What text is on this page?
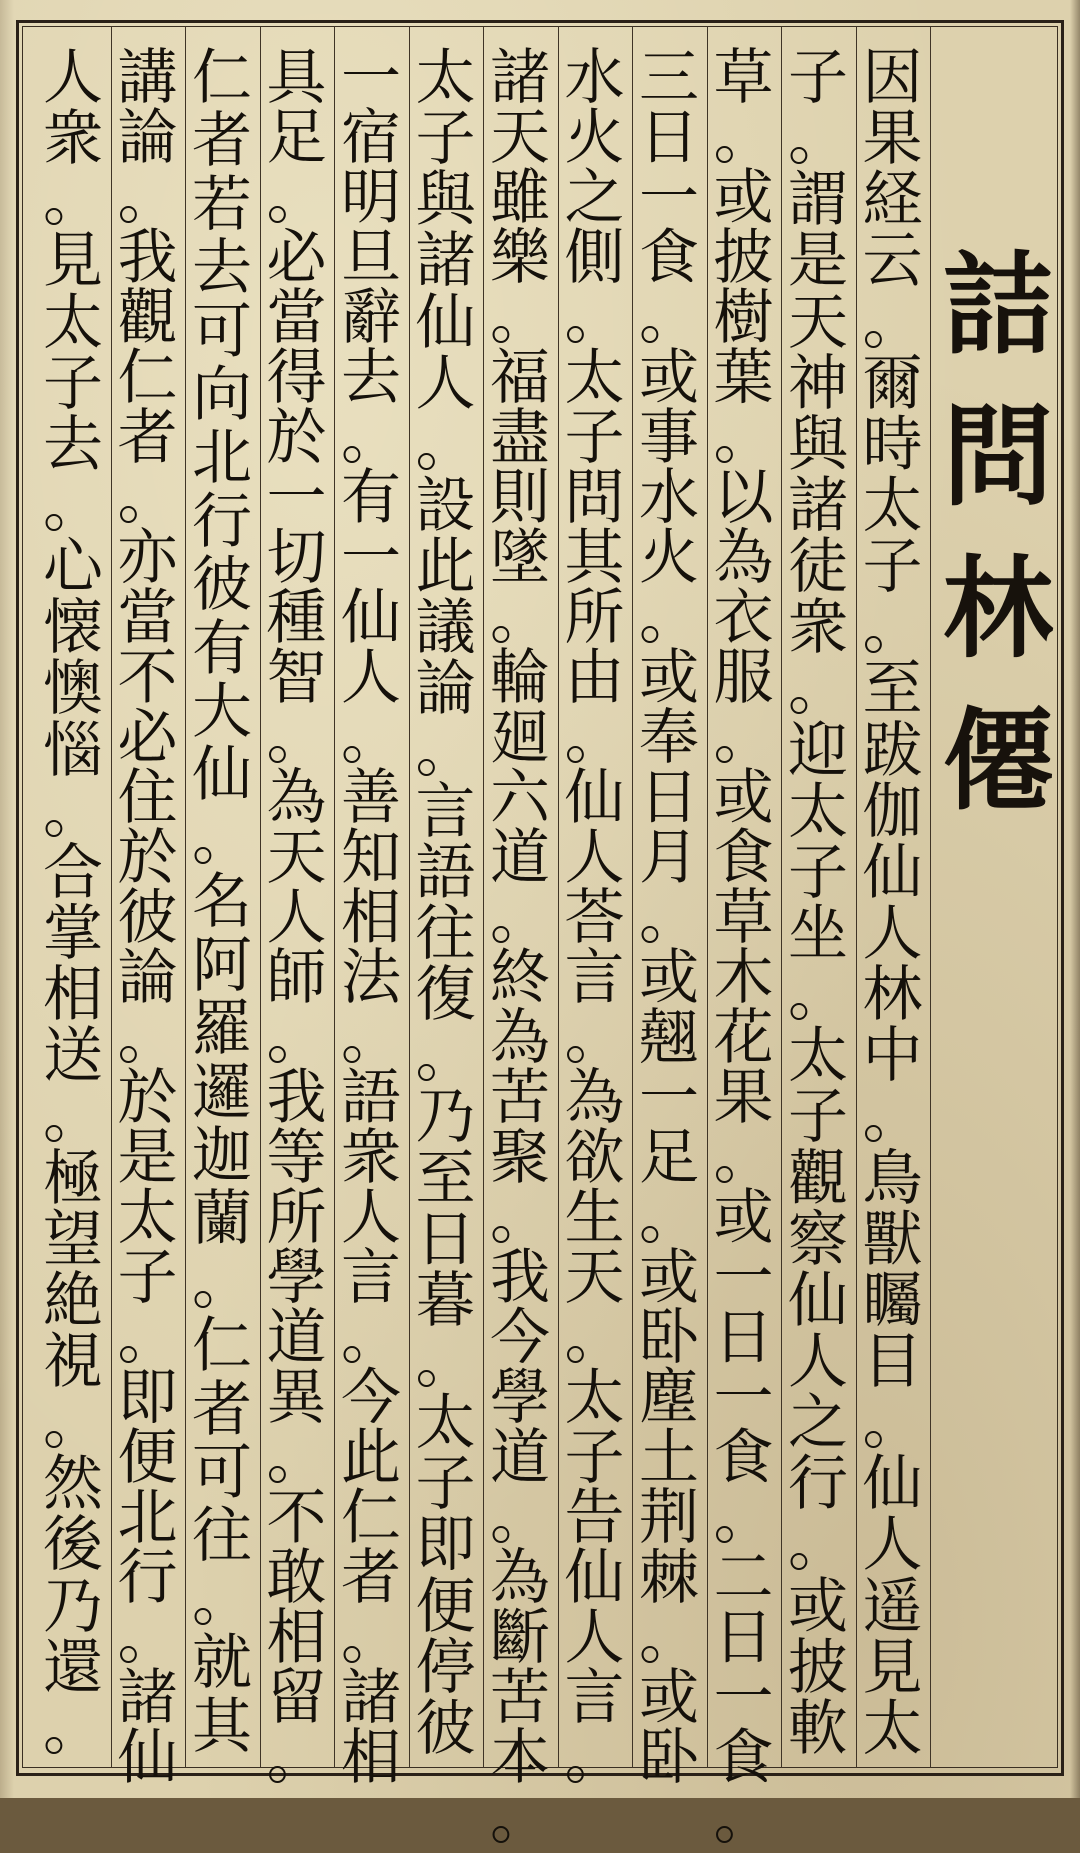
詰
問
林
僊
因
果
経
云
。
爾
時
太
子
。
至
跋
伽
仙
人
林
中
。
鳥
獸
矚
目
。
仙
人
遥
見
太
子
。
謂
是
天
神
與
諸
徒
衆
。
迎
太
子
坐
。
太
子
觀
察
仙
人
之
行
。
或
披
軟
草
。
或
披
樹
葉
。
以
為
衣
服
。
或
食
草
木
花
果
。
或
一
日
一
食
。
二
日
一
食
。
三
日
一
食
。
或
事
水
火
。
或
奉
日
月
。
或
翹
一
足
。
或
卧
塵
土
荆
棘
。
或
卧
水
火
之
側
。
太
子
問
其
所
由
。
仙
人
荅
言
。
為
欲
生
天
。
太
子
告
仙
人
言
。
諸
天
雖
樂
。
福
盡
則
墜
。
輪
廻
六
道
。
終
為
苦
聚
。
我
今
學
道
。
為
斷
苦
本
。
太
子
與
諸
仙
人
。
設
此
議
論
。
言
語
往
復
。
乃
至
日
暮
。
太
子
即
便
停
彼
一
宿
明
旦
辭
去
。
有
一
仙
人
。
善
知
相
法
。
語
衆
人
言
。
今
此
仁
者
。
諸
相
具
足
。
必
當
得
於
一
切
種
智
。
為
天
人
師
。
我
等
所
學
道
異
。
不
敢
相
留
。
仁
者
若
去
可
向
北
行
彼
有
大
仙
。
名
阿
羅
邏
迦
蘭
。
仁
者
可
往
。
就
其
講
論
。
我
觀
仁
者
。
亦
當
不
必
住
於
彼
論
。
於
是
太
子
。
即
便
北
行
。
諸
仙
人
衆
。
見
太
子
去
。
心
懐
懊
惱
。
合
掌
相
送
。
極
望
絶
視
。
然
後
乃
還
。
